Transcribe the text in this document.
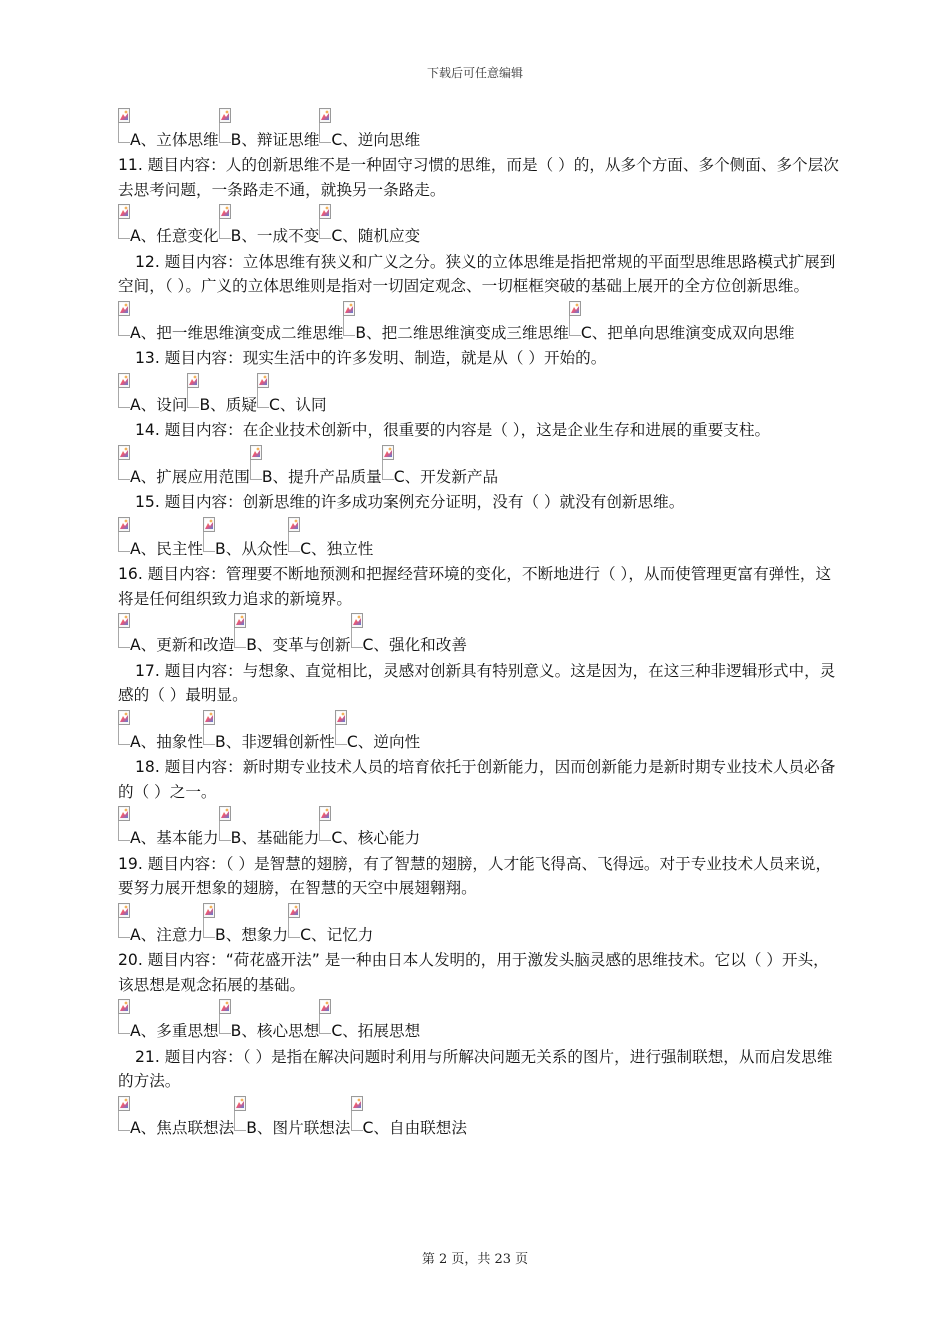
下载后可任意编辑
A、立体思维 B、辩证思维 C、逆向思维

11. 题目内容：人的创新思维不是一种固守习惯的思维，而是（ ）的，从多个方面、多个侧面、多个层次去思考问题，一条路走不通，就换另一条路走。

A、任意变化 B、一成不变 C、随机应变

12. 题目内容：立体思维有狭义和广义之分。狭义的立体思维是指把常规的平面型思维思路模式扩展到空间，（ ）。广义的立体思维则是指对一切固定观念、一切框框突破的基础上展开的全方位创新思维。

A、把一维思维演变成二维思维 B、把二维思维演变成三维思维 C、把单向思维演变成双向思维

13. 题目内容：现实生活中的许多发明、制造，就是从（ ）开始的。

A、设问 B、质疑 C、认同

14. 题目内容：在企业技术创新中，很重要的内容是（ ），这是企业生存和进展的重要支柱。

A、扩展应用范围 B、提升产品质量 C、开发新产品

15. 题目内容：创新思维的许多成功案例充分证明，没有（ ）就没有创新思维。

A、民主性 B、从众性 C、独立性

16. 题目内容：管理要不断地预测和把握经营环境的变化，不断地进行（ ），从而使管理更富有弹性，这将是任何组织致力追求的新境界。

A、更新和改造 B、变革与创新 C、强化和改善

17. 题目内容：与想象、直觉相比，灵感对创新具有特别意义。这是因为，在这三种非逻辑形式中，灵感的（ ）最明显。

A、抽象性 B、非逻辑创新性 C、逆向性

18. 题目内容：新时期专业技术人员的培育依托于创新能力，因而创新能力是新时期专业技术人员必备的（ ）之一。

A、基本能力 B、基础能力 C、核心能力

19. 题目内容：（ ）是智慧的翅膀，有了智慧的翅膀，人才能飞得高、飞得远。对于专业技术人员来说，要努力展开想象的翅膀，在智慧的天空中展翅翱翔。

A、注意力 B、想象力 C、记忆力

20. 题目内容：“荷花盛开法” 是一种由日本人发明的，用于激发头脑灵感的思维技术。它以（ ）开头，该思想是观念拓展的基础。

A、多重思想 B、核心思想 C、拓展思想

21. 题目内容：（ ）是指在解决问题时利用与所解决问题无关系的图片，进行强制联想，从而启发思维的方法。

A、焦点联想法 B、图片联想法 C、自由联想法
第 2 页，共 23 页
